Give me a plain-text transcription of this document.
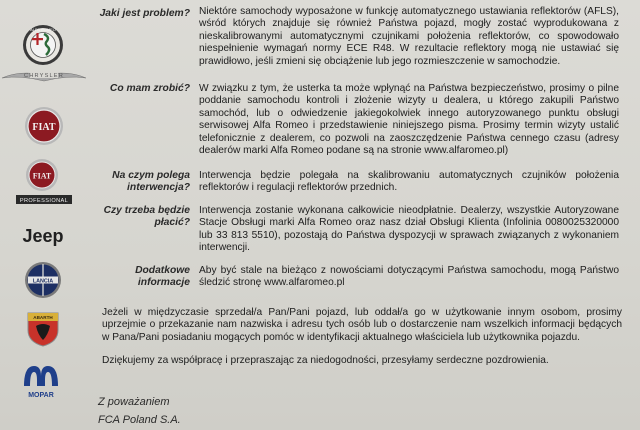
ALFA ROMEO
CHRYSLER
FIAT
FIAT
PROFESSIONAL
Jeep
LANCIA
ABARTH
MOPAR
Jaki jest problem? Niektóre samochody wyposażone w funkcję automatycznego ustawiania reflektorów (AFLS), wśród których znajduje się również Państwa pojazd, mogły zostać wyprodukowana z nieskalibrowanymi automatycznymi czujnikami położenia reflektorów, co spowodowało niespełnienie wymagań normy ECE R48. W rezultacie reflektory mogą nie ustawiać się prawidłowo, jeśli zmieni się obciążenie lub jego rozmieszczenie w samochodzie.
Co mam zrobić? W związku z tym, że usterka ta może wpłynąć na Państwa bezpieczeństwo, prosimy o pilne poddanie samochodu kontroli i złożenie wizyty u dealera, u którego zakupili Państwo samochód, lub o odwiedzenie jakiegokolwiek innego autoryzowanego punktu obsługi serwisowej Alfa Romeo i przedstawienie niniejszego pisma. Prosimy termin wizyty ustalić telefonicznie z dealerem, co pozwoli na zaoszczędzenie Państwa cennego czasu (adresy dealerów marki Alfa Romeo podane są na stronie www.alfaromeo.pl)
Na czym polega interwencja?
Interwencja będzie polegała na skalibrowaniu automatycznych czujników położenia reflektorów i regulacji reflektorów przednich.
Czy trzeba będzie płacić?
Interwencja zostanie wykonana całkowicie nieodpłatnie. Dealerzy, wszystkie Autoryzowane Stacje Obsługi marki Alfa Romeo oraz nasz dział Obsługi Klienta (Infolinia 0080025320000 lub 33 813 5510), pozostają do Państwa dyspozycji w sprawach związanych z wykonaniem interwencji.
Dodatkowe informacje
Aby być stale na bieżąco z nowościami dotyczącymi Państwa samochodu, mogą Państwo śledzić stronę www.alfaromeo.pl
Jeżeli w międzyczasie sprzedał/a Pan/Pani pojazd, lub oddał/a go w użytkowanie innym osobom, prosimy uprzejmie o przekazanie nam nazwiska i adresu tych osób lub o dostarczenie nam wszelkich informacji będących w Pana/Pani posiadaniu mogących pomóc w identyfikacji aktualnego właściciela lub użytkownika pojazdu.
Dziękujemy za współpracę i przepraszając za niedogodności, przesyłamy serdeczne pozdrowienia.
Z poważaniem
FCA Poland S.A.
